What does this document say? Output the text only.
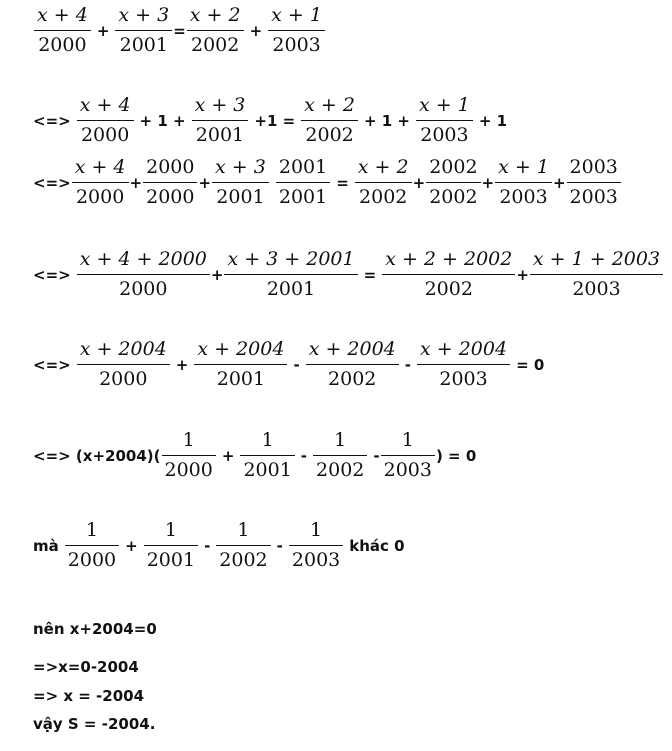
$\frac{x + 4}{2000} + \frac{x + 3}{2001} = \frac{x + 2}{2002} + \frac{x + 1}{2003}$
<=> $\frac{x + 4}{2000} + 1 + \frac{x + 3}{2001} +1 = \frac{x + 2}{2002} + 1 + \frac{x + 1}{2003} + 1$
<=> $\frac{x + 4}{2000} + \frac{2000}{2000} + \frac{x + 3}{2001} \frac{2001}{2001} = \frac{x + 2}{2002} + \frac{2002}{2002} + \frac{x + 1}{2003} + \frac{2003}{2003}$
<=> $\frac{x + 4 + 2000}{2000} + \frac{x + 3 + 2001}{2001} = \frac{x + 2 + 2002}{2002} + \frac{x + 1 + 2003}{2003}$
<=> $\frac{x + 2004}{2000} + \frac{x + 2004}{2001} - \frac{x + 2004}{2002} - \frac{x + 2004}{2003} = 0$
<=> $(x+2004)( \frac{1}{2000} + \frac{1}{2001} - \frac{1}{2002} - \frac{1}{2003}$ ) = 0
mà $\frac{1}{2000} + \frac{1}{2001} - \frac{1}{2002} - \frac{1}{2003}$ khác 0
nên x+2004=0
=>x=0-2004
=> x = -2004
vậy S = -2004.
